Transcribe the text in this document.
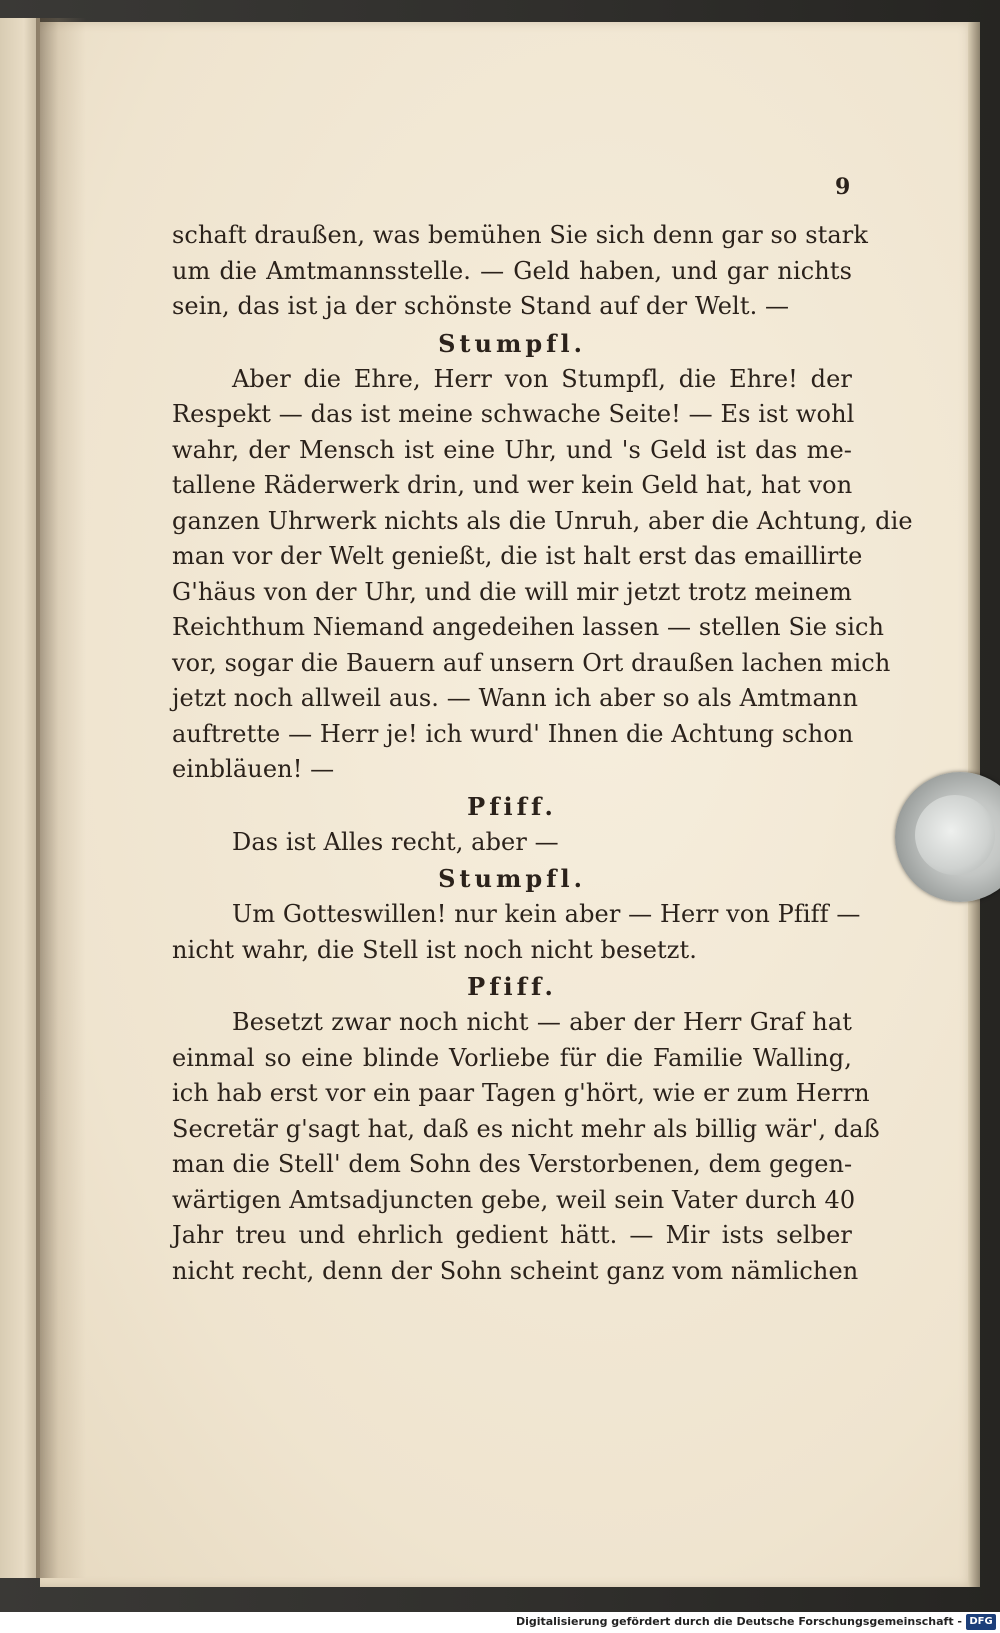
9
schaft draußen, was bemühen Sie sich denn gar so stark
um die Amtmannsstelle. — Geld haben, und gar nichts
sein, das ist ja der schönste Stand auf der Welt. —
Stumpfl.
Aber die Ehre, Herr von Stumpfl, die Ehre! der
Respekt — das ist meine schwache Seite! — Es ist wohl
wahr, der Mensch ist eine Uhr, und 's Geld ist das me-
tallene Räderwerk drin, und wer kein Geld hat, hat von
ganzen Uhrwerk nichts als die Unruh, aber die Achtung, die
man vor der Welt genießt, die ist halt erst das emaillirte
G'häus von der Uhr, und die will mir jetzt trotz meinem
Reichthum Niemand angedeihen lassen — stellen Sie sich
vor, sogar die Bauern auf unsern Ort draußen lachen mich
jetzt noch allweil aus. — Wann ich aber so als Amtmann
auftrette — Herr je! ich wurd' Ihnen die Achtung schon
einbläuen! —
Pfiff.
Das ist Alles recht, aber —
Stumpfl.
Um Gotteswillen! nur kein aber — Herr von Pfiff —
nicht wahr, die Stell ist noch nicht besetzt.
Pfiff.
Besetzt zwar noch nicht — aber der Herr Graf hat
einmal so eine blinde Vorliebe für die Familie Walling,
ich hab erst vor ein paar Tagen g'hört, wie er zum Herrn
Secretär g'sagt hat, daß es nicht mehr als billig wär', daß
man die Stell' dem Sohn des Verstorbenen, dem gegen-
wärtigen Amtsadjuncten gebe, weil sein Vater durch 40
Jahr treu und ehrlich gedient hätt. — Mir ists selber
nicht recht, denn der Sohn scheint ganz vom nämlichen
Digitalisierung gefördert durch die Deutsche Forschungsgemeinschaft - DFG
